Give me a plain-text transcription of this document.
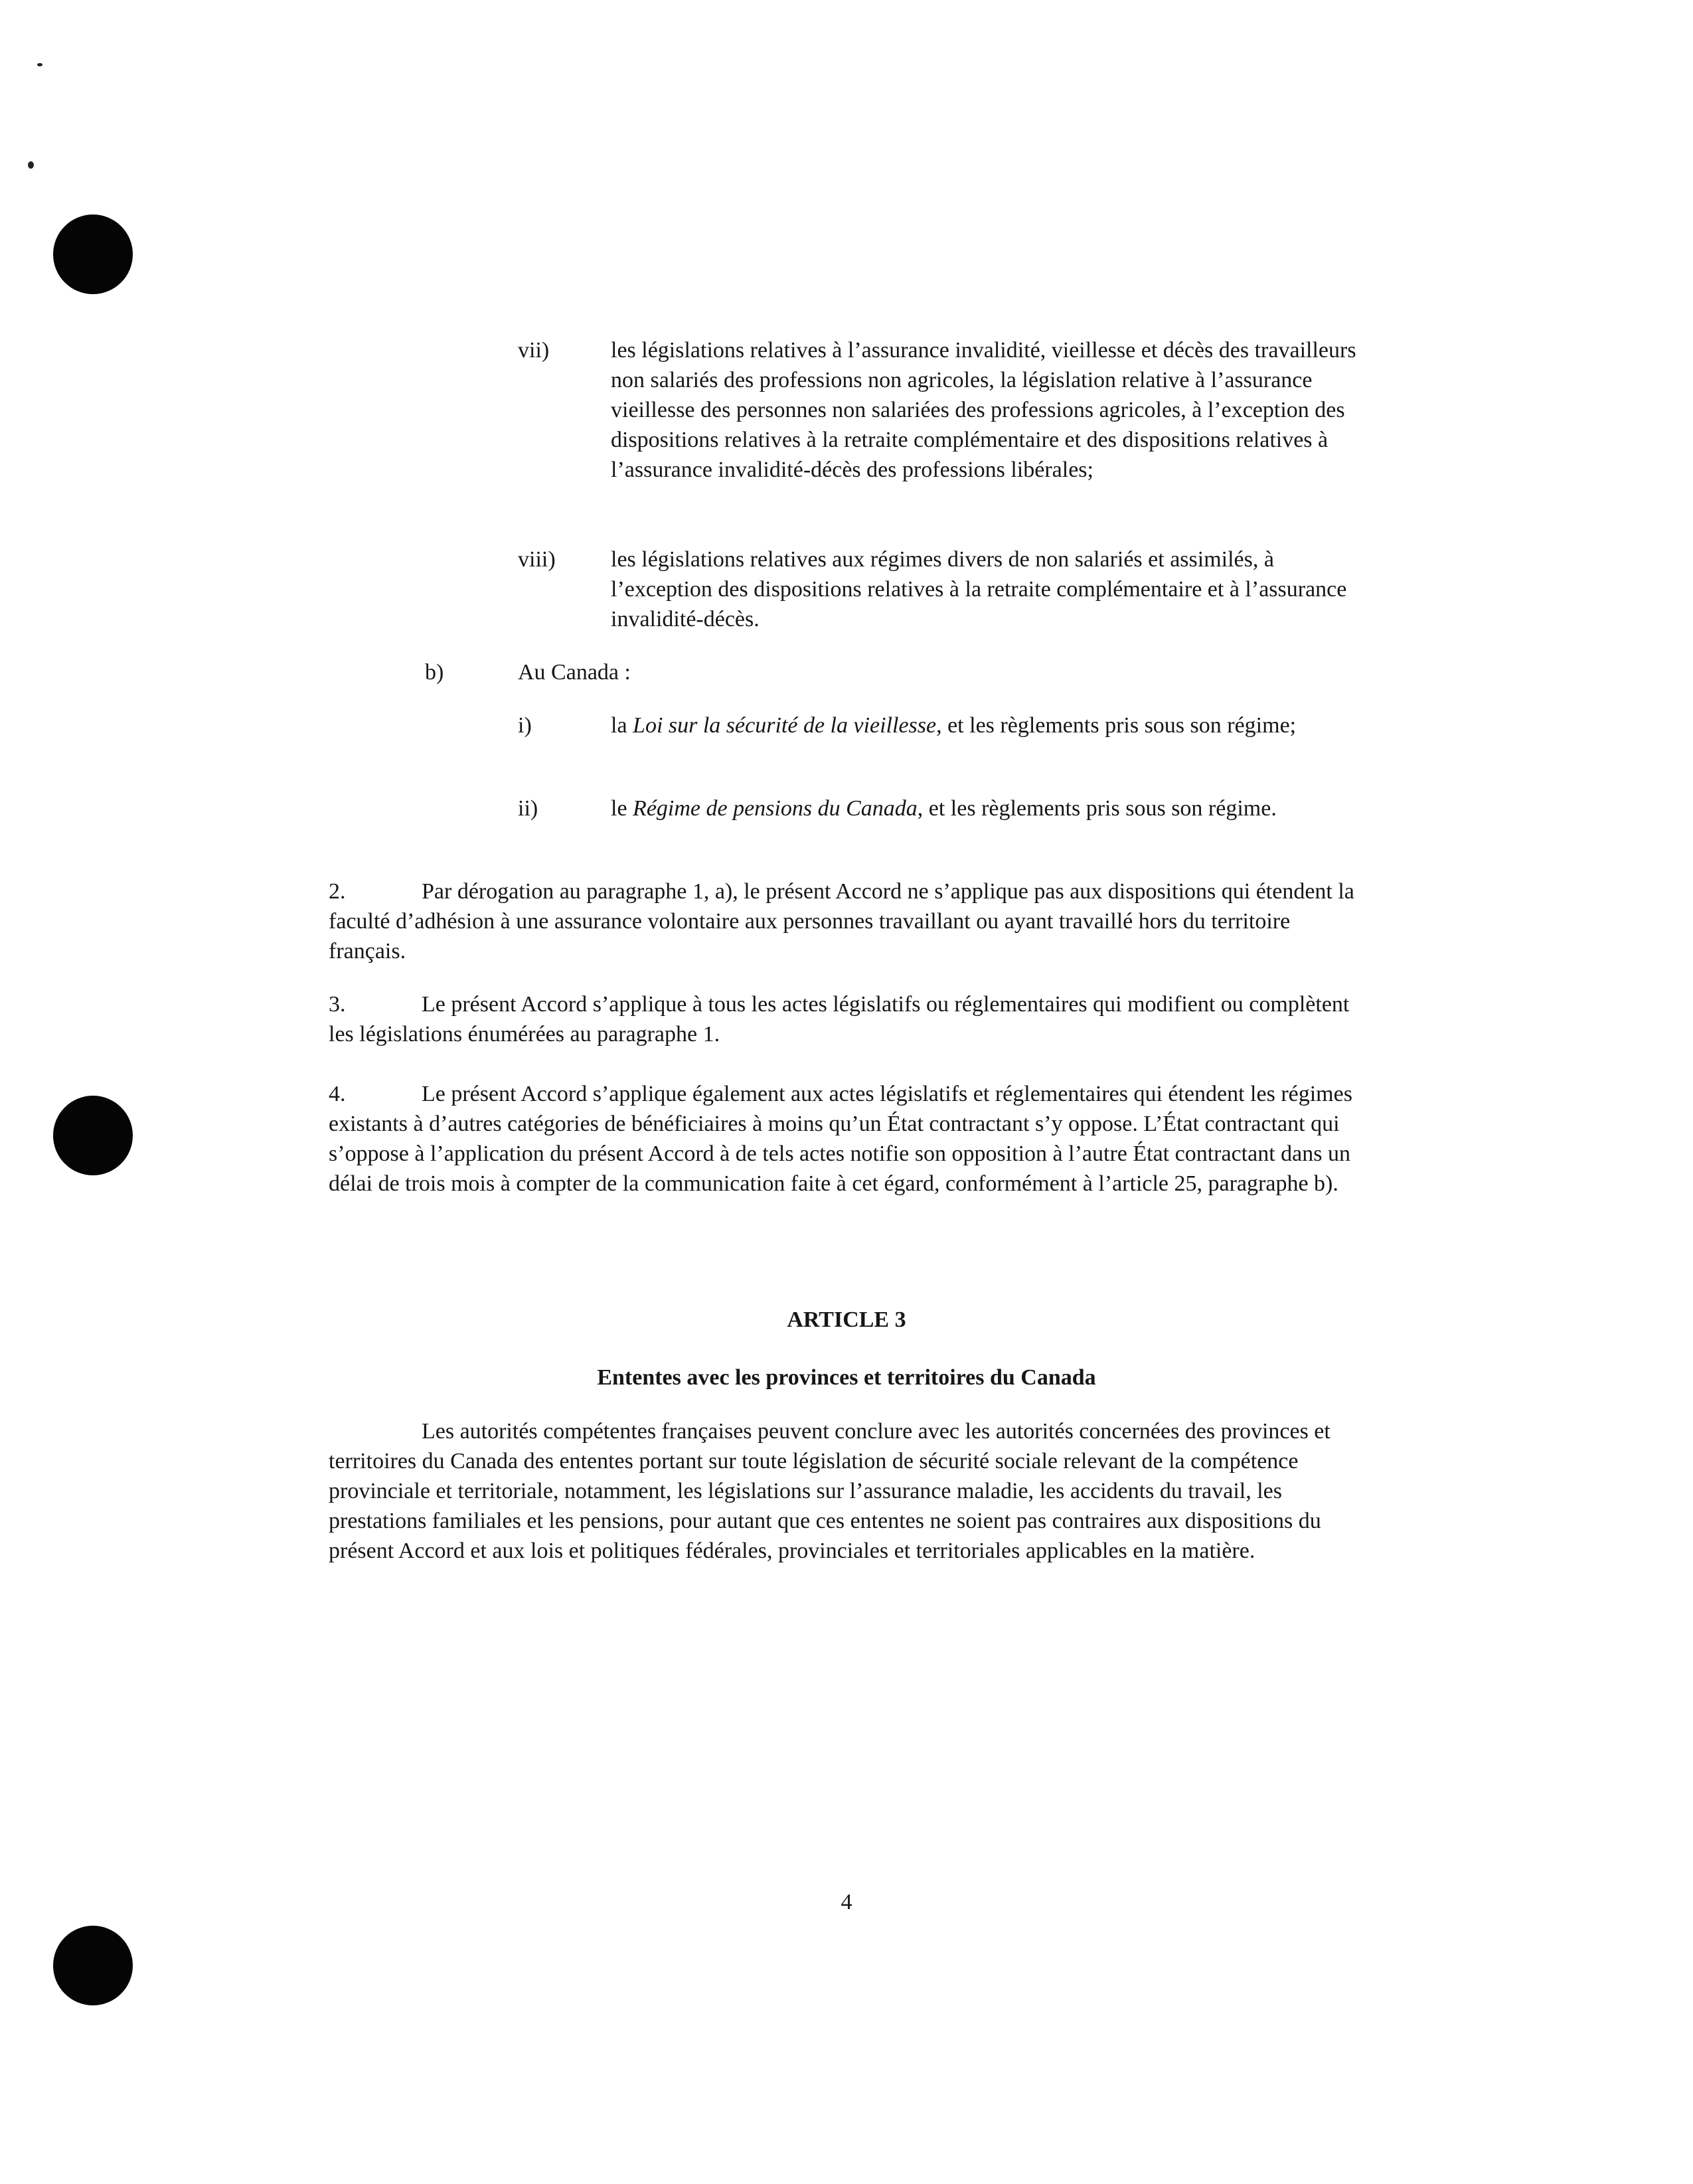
vii)	les législations relatives à l’assurance invalidité, vieillesse et décès des travailleurs non salariés des professions non agricoles, la législation relative à l’assurance vieillesse des personnes non salariées des professions agricoles, à l’exception des dispositions relatives à la retraite complémentaire et des dispositions relatives à l’assurance invalidité-décès des professions libérales;
viii) les législations relatives aux régimes divers de non salariés et assimilés, à l’exception des dispositions relatives à la retraite complémentaire et à l’assurance invalidité-décès.
b)	Au Canada :
i)	la Loi sur la sécurité de la vieillesse, et les règlements pris sous son régime;
ii)	le Régime de pensions du Canada, et les règlements pris sous son régime.
2.	Par dérogation au paragraphe 1, a), le présent Accord ne s’applique pas aux dispositions qui étendent la faculté d’adhésion à une assurance volontaire aux personnes travaillant ou ayant travaillé hors du territoire français.
3.	Le présent Accord s’applique à tous les actes législatifs ou réglementaires qui modifient ou complètent les législations énumérées au paragraphe 1.
4.	Le présent Accord s’applique également aux actes législatifs et réglementaires qui étendent les régimes existants à d’autres catégories de bénéficiaires à moins qu’un État contractant s’y oppose. L’État contractant qui s’oppose à l’application du présent Accord à de tels actes notifie son opposition à l’autre État contractant dans un délai de trois mois à compter de la communication faite à cet égard, conformément à l’article 25, paragraphe b).
ARTICLE 3
Ententes avec les provinces et territoires du Canada
Les autorités compétentes françaises peuvent conclure avec les autorités concernées des provinces et territoires du Canada des ententes portant sur toute législation de sécurité sociale relevant de la compétence provinciale et territoriale, notamment, les législations sur l’assurance maladie, les accidents du travail, les prestations familiales et les pensions, pour autant que ces ententes ne soient pas contraires aux dispositions du présent Accord et aux lois et politiques fédérales, provinciales et territoriales applicables en la matière.
4
